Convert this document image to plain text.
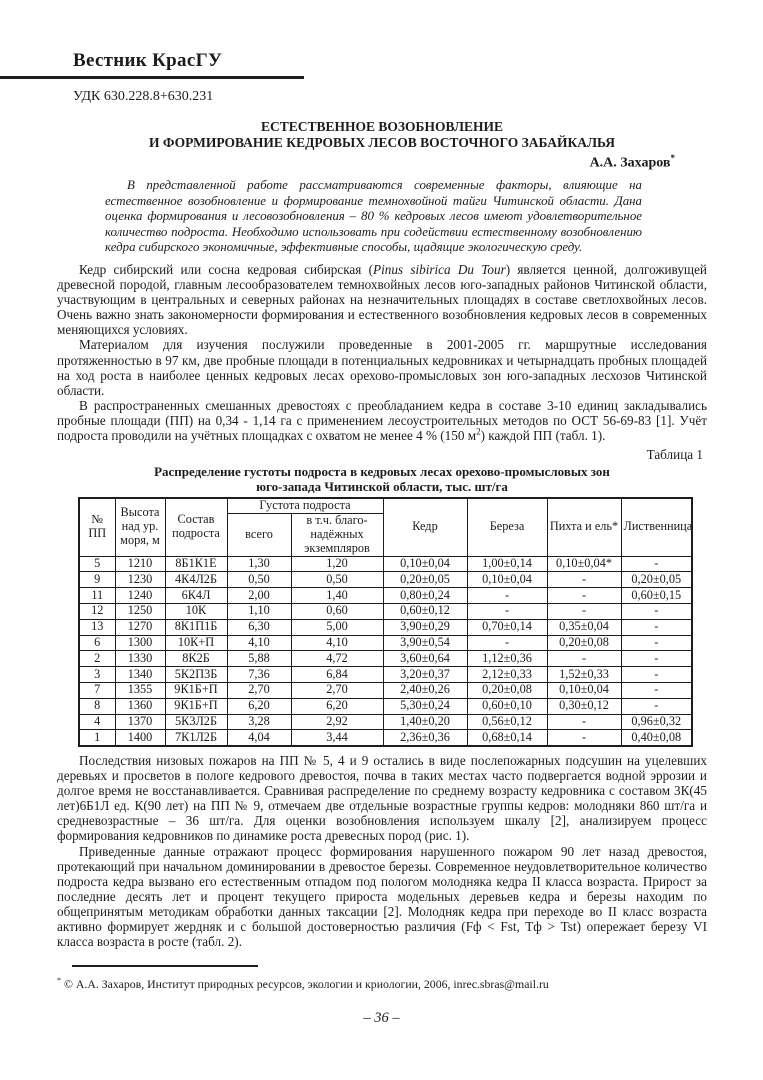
Вестник КрасГУ
УДК 630.228.8+630.231
ЕСТЕСТВЕННОЕ ВОЗОБНОВЛЕНИЕ
И ФОРМИРОВАНИЕ КЕДРОВЫХ ЛЕСОВ ВОСТОЧНОГО ЗАБАЙКАЛЬЯ
А.А. Захаров*
В представленной работе рассматриваются современные факторы, влияющие на естественное возобновление и формирование темнохвойной тайги Читинской области. Дана оценка формирования и лесовозобновления – 80 % кедровых лесов имеют удовлетворительное количество подроста. Необходимо использовать при содействии естественному возобновлению кедра сибирского экономичные, эффективные способы, щадящие экологическую среду.

Кедр сибирский или сосна кедровая сибирская (Pinus sibirica Du Tour) является ценной, долгоживущей древесной породой, главным лесообразователем темнохвойных лесов юго-западных районов Читинской области, участвующим в центральных и северных районах на незначительных площадях в составе светлохвойных лесов. Очень важно знать закономерности формирования и естественного возобновления кедровых лесов в современных меняющихся условиях.

Материалом для изучения послужили проведенные в 2001-2005 гг. маршрутные исследования протяженностью в 97 км, две пробные площади в потенциальных кедровниках и четырнадцать пробных площадей на ход роста в наиболее ценных кедровых лесах орехово-промысловых зон юго-западных лесхозов Читинской области.

В распространенных смешанных древостоях с преобладанием кедра в составе 3-10 единиц закладывались пробные площади (ПП) на 0,34 - 1,14 га с применением лесоустроительных методов по ОСТ 56-69-83 [1]. Учёт подроста проводили на учётных площадках с охватом не менее 4 % (150 $м^2$) каждой ПП (табл. 1).

Таблица 1
Распределение густоты подроста в кедровых лесах орехово-промысловых зон
юго-запада Читинской области, тыс. шт/га
№ ПП	Высота над ур. моря, м	Состав подроста	Густота подроста		Кедр	Береза	Пихта и ель*	Лиственница
			всего	в т.ч. благо-надёжных экземпляров				
5	1210	8Б1К1Е	1,30	1,20	0,10±0,04	1,00±0,14	0,10±0,04*	-
9	1230	4К4Л2Б	0,50	0,50	0,20±0,05	0,10±0,04	-	0,20±0,05
11	1240	6К4Л	2,00	1,40	0,80±0,24	-	-	0,60±0,15
12	1250	10К	1,10	0,60	0,60±0,12	-	-	-
13	1270	8К1П1Б	6,30	5,00	3,90±0,29	0,70±0,14	0,35±0,04	-
6	1300	10К+П	4,10	4,10	3,90±0,54	-	0,20±0,08	-
2	1330	8К2Б	5,88	4,72	3,60±0,64	1,12±0,36	-	-
3	1340	5К2П3Б	7,36	6,84	3,20±0,37	2,12±0,33	1,52±0,33	-
7	1355	9К1Б+П	2,70	2,70	2,40±0,26	0,20±0,08	0,10±0,04	-
8	1360	9К1Б+П	6,20	6,20	5,30±0,24	0,60±0,10	0,30±0,12	-
4	1370	5К3Л2Б	3,28	2,92	1,40±0,20	0,56±0,12	-	0,96±0,32
1	1400	7К1Л2Б	4,04	3,44	2,36±0,36	0,68±0,14	-	0,40±0,08

Последствия низовых пожаров на ПП № 5, 4 и 9 остались в виде послепожарных подсушин на уцелевших деревьях и просветов в пологе кедрового древостоя, почва в таких местах часто подвергается водной эррозии и долгое время не восстанавливается. Сравнивая распределение по среднему возрасту кедровника с составом 3К(45 лет)6Б1Л ед. К(90 лет) на ПП № 9, отмечаем две отдельные возрастные группы кедров: молодняки 860 шт/га и средневозрастные – 36 шт/га. Для оценки возобновления используем шкалу [2], анализируем процесс формирования кедровников по динамике роста древесных пород (рис. 1).

Приведенные данные отражают процесс формирования нарушенного пожаром 90 лет назад древостоя, протекающий при начальном доминировании в древостое березы. Современное неудовлетворительное количество подроста кедра вызвано его естественным отпадом под пологом молодняка кедра II класса возраста. Прирост за последние десять лет и процент текущего прироста модельных деревьев кедра и березы находим по общепринятым методикам обработки данных таксации [2]. Молодняк кедра при переходе во II класс возраста активно формирует жердняк и с большой достоверностью различия (Fф < Fst, Tф > Tst) опережает березу VI класса возраста в росте (табл. 2).

* © А.А. Захаров, Институт природных ресурсов, экологии и криологии, 2006, inrec.sbras@mail.ru
– 36 –
